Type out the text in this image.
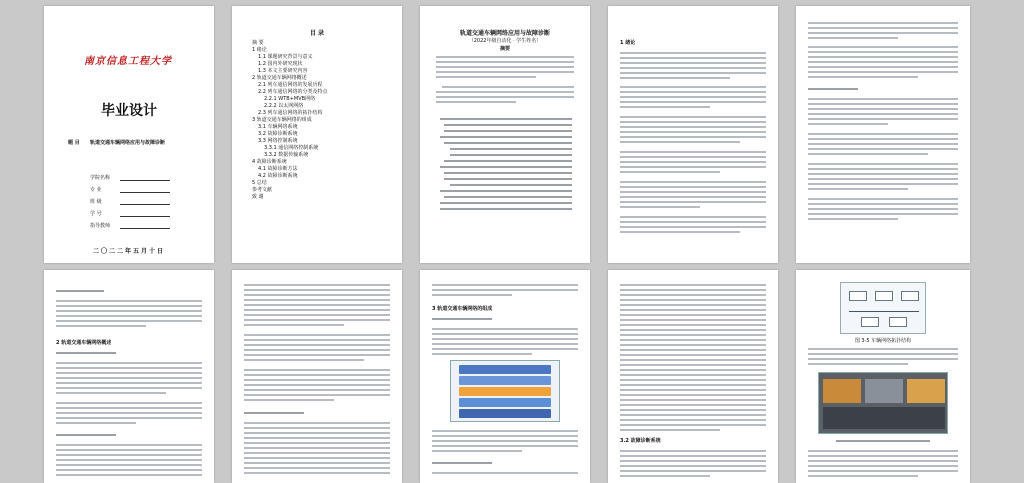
南京信息工程大学
毕业设计
题 目 轨道交通车辆网络应用与故障诊断
学院名称
专 业
班 级
学 号
指导教师
二〇二二年五月十日
目 录
摘 要
1 绪论
1.1 课题研究背景与意义
1.2 国内外研究现状
1.3 本文主要研究内容
2 轨道交通车辆网络概述
2.1 列车通信网络的发展历程
2.2 列车通信网络的分类及特点
2.2.1 WTB+MVB网络
2.2.2 以太网网络
2.3 列车通信网络的拓扑结构
3 轨道交通车辆网络的组成
3.1 车辆网络系统
3.2 故障诊断系统
3.3 网络控制系统
3.3.1 通信网络控制系统
3.3.2 数据传输系统
4 故障诊断系统
4.1 故障诊断方法
4.2 故障诊断系统
5 总结
参考文献
致 谢
轨道交通车辆网络应用与故障诊断
（2022年级自动化 · 学生姓名）
摘要
1 绪论
2 轨道交通车辆网络概述
3 轨道交通车辆网络的组成
3.2 故障诊断系统
图 3-5 车辆网络拓扑结构
